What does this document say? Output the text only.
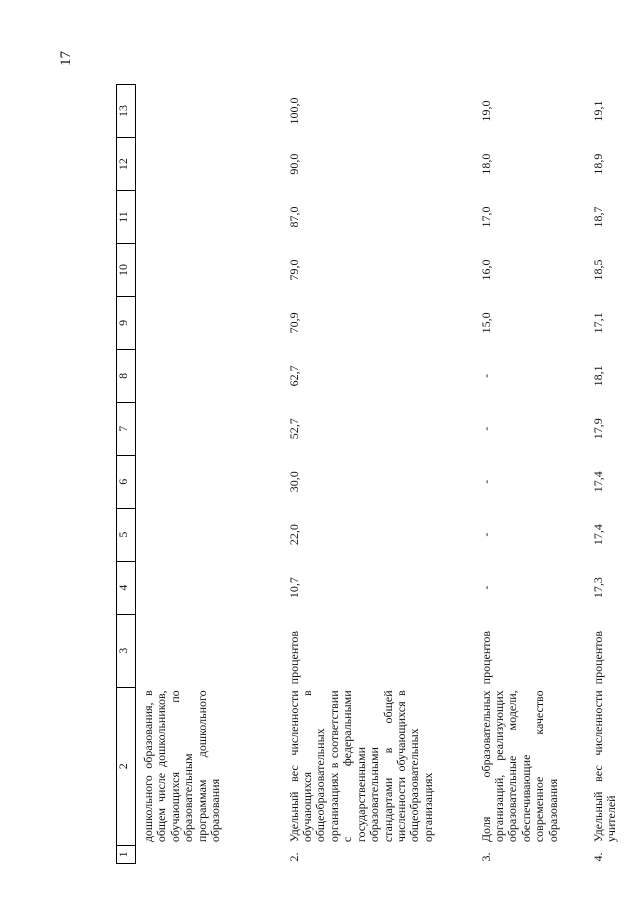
17
1	2	3	4	5	6	7	8	9	10	11	12	13
	дошкольного образования, в общем числе дошкольников, обучающихся по образовательным программам дошкольного образования											
2.	Удельный вес численности обучающихся в общеобразовательных организациях в соответствии с федеральными государственными образовательными стандартами в общей численности обучающихся в общеобразовательных организациях	процентов	10,7	22,0	30,0	52,7	62,7	70,9	79,0	87,0	90,0	100,0
3.	Доля образовательных организаций, реализующих образовательные модели, обеспечивающие современное качество образования	процентов	-	-	-	-	-	15,0	16,0	17,0	18,0	19,0
4.	Удельный вес численности учителей	процентов	17,3	17,4	17,4	17,9	18,1	17,1	18,5	18,7	18,9	19,1
